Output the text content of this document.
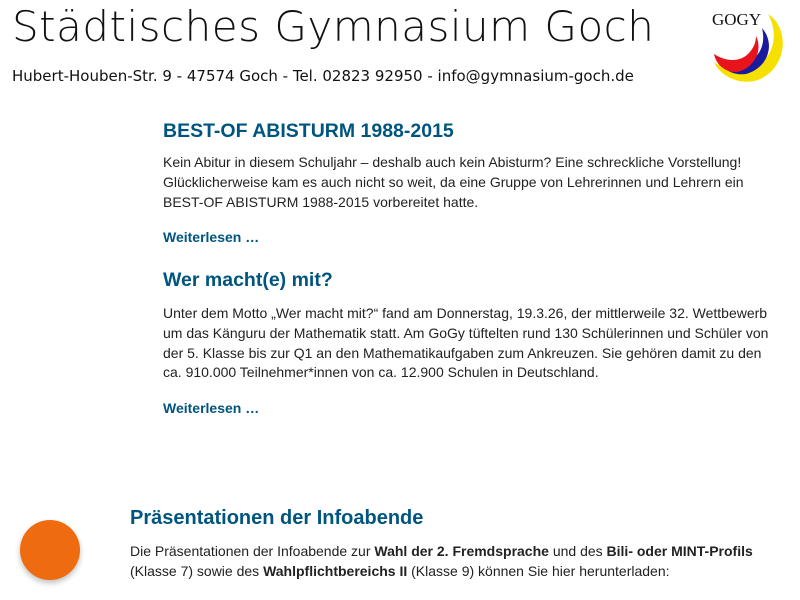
Städtisches Gymnasium Goch
Hubert-Houben-Str. 9 - 47574 Goch - Tel. 02823 92950 - info@gymnasium-goch.de
GOGY
BEST-OF ABISTURM 1988-2015

Kein Abitur in diesem Schuljahr – deshalb auch kein Abisturm? Eine schreckliche Vorstellung! Glücklicherweise kam es auch nicht so weit, da eine Gruppe von Lehrerinnen und Lehrern ein BEST-OF ABISTURM 1988-2015 vorbereitet hatte.

Weiterlesen …
Wer macht(e) mit?

Unter dem Motto „Wer macht mit?“ fand am Donnerstag, 19.3.26, der mittlerweile 32. Wettbewerb um das Känguru der Mathematik statt. Am GoGy tüftelten rund 130 Schülerinnen und Schüler von der 5. Klasse bis zur Q1 an den Mathematikaufgaben zum Ankreuzen. Sie gehören damit zu den ca. 910.000 Teilnehmer*innen von ca. 12.900 Schulen in Deutschland.

Weiterlesen …
Präsentationen der Infoabende

Die Präsentationen der Infoabende zur Wahl der 2. Fremdsprache und des Bili- oder MINT-Profils (Klasse 7) sowie des Wahlpflichtbereichs II (Klasse 9) können Sie hier herunterladen:
